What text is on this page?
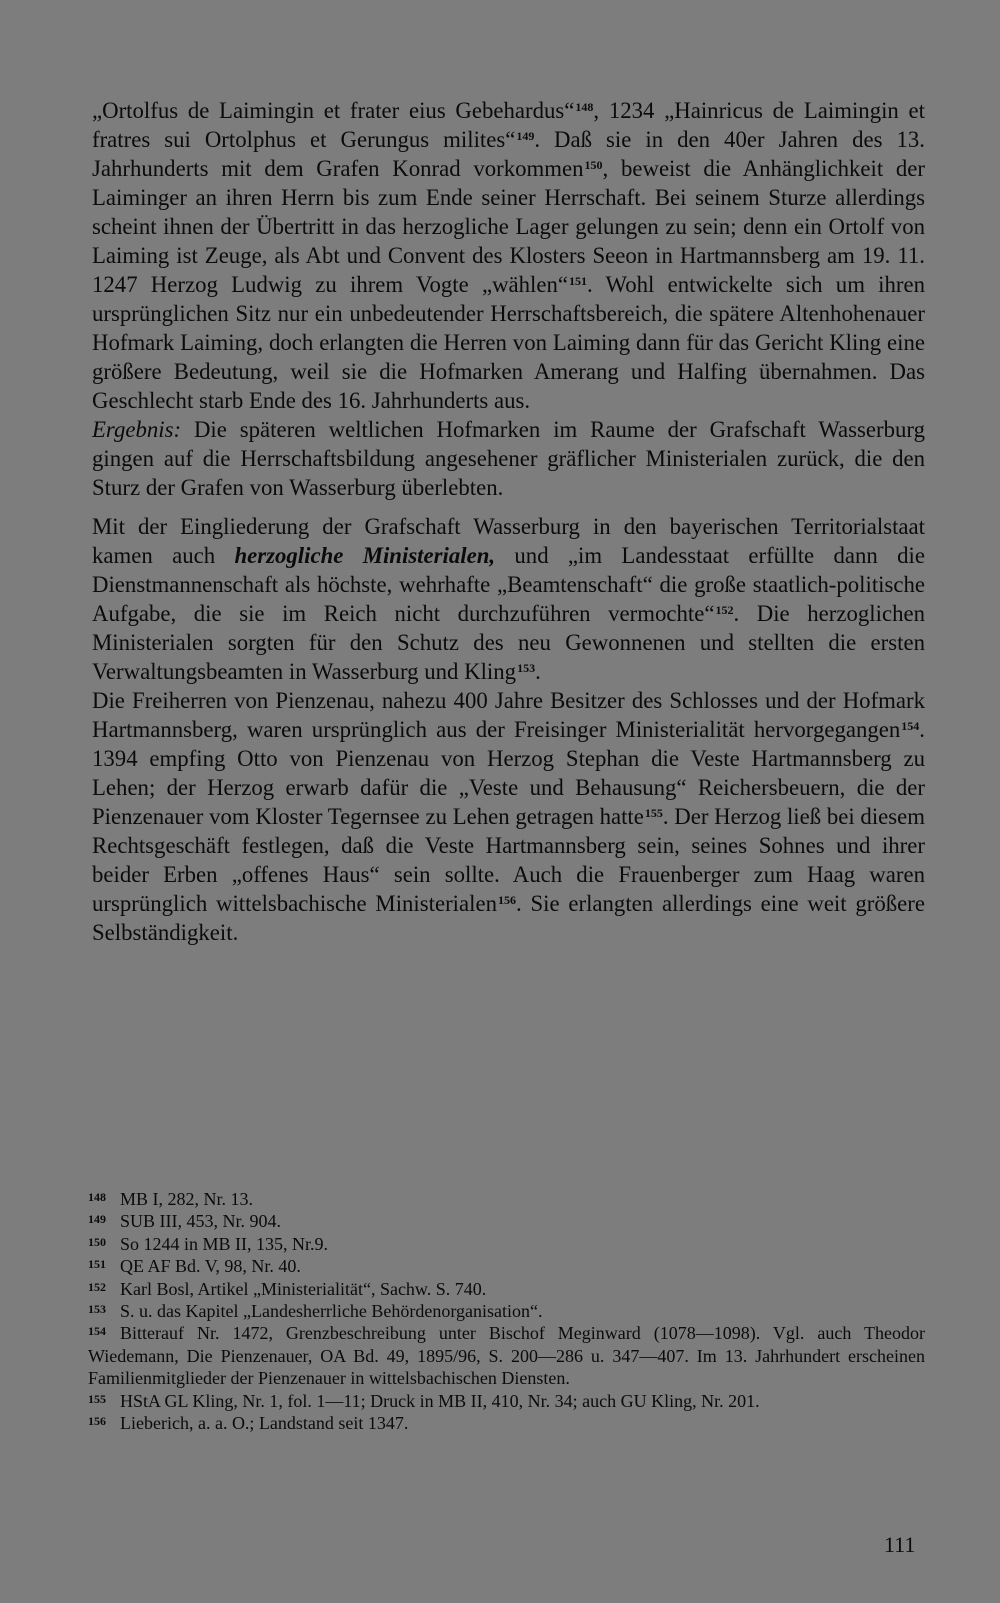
„Ortolfus de Laimingin et frater eius Gebehardus“$^{148}$, 1234 „Hainricus de Laimingin et fratres sui Ortolphus et Gerungus milites“$^{149}$. Daß sie in den 40er Jahren des 13. Jahrhunderts mit dem Grafen Konrad vorkommen$^{150}$, beweist die Anhänglichkeit der Laiminger an ihren Herrn bis zum Ende seiner Herrschaft. Bei seinem Sturze allerdings scheint ihnen der Übertritt in das herzogliche Lager gelungen zu sein; denn ein Ortolf von Laiming ist Zeuge, als Abt und Convent des Klosters Seeon in Hartmannsberg am 19. 11. 1247 Herzog Ludwig zu ihrem Vogte „wählen“$^{151}$. Wohl entwickelte sich um ihren ursprünglichen Sitz nur ein unbedeutender Herrschaftsbereich, die spätere Altenhohenauer Hofmark Laiming, doch erlangten die Herren von Laiming dann für das Gericht Kling eine größere Bedeutung, weil sie die Hofmarken Amerang und Halfing übernahmen. Das Geschlecht starb Ende des 16. Jahrhunderts aus.

Ergebnis: Die späteren weltlichen Hofmarken im Raume der Grafschaft Wasserburg gingen auf die Herrschaftsbildung angesehener gräflicher Ministerialen zurück, die den Sturz der Grafen von Wasserburg überlebten.

Mit der Eingliederung der Grafschaft Wasserburg in den bayerischen Territorialstaat kamen auch herzogliche Ministerialen, und „im Landesstaat erfüllte dann die Dienstmannenschaft als höchste, wehrhafte „Beamtenschaft“ die große staatlich-politische Aufgabe, die sie im Reich nicht durchzuführen vermochte“$^{152}$. Die herzoglichen Ministerialen sorgten für den Schutz des neu Gewonnenen und stellten die ersten Verwaltungsbeamten in Wasserburg und Kling$^{153}$.

Die Freiherren von Pienzenau, nahezu 400 Jahre Besitzer des Schlosses und der Hofmark Hartmannsberg, waren ursprünglich aus der Freisinger Ministerialität hervorgegangen$^{154}$. 1394 empfing Otto von Pienzenau von Herzog Stephan die Veste Hartmannsberg zu Lehen; der Herzog erwarb dafür die „Veste und Behausung“ Reichersbeuern, die der Pienzenauer vom Kloster Tegernsee zu Lehen getragen hatte$^{155}$. Der Herzog ließ bei diesem Rechtsgeschäft festlegen, daß die Veste Hartmannsberg sein, seines Sohnes und ihrer beider Erben „offenes Haus“ sein sollte. Auch die Frauenberger zum Haag waren ursprünglich wittelsbachische Ministerialen$^{156}$. Sie erlangten allerdings eine weit größere Selbständigkeit.

148 MB I, 282, Nr. 13.
149 SUB III, 453, Nr. 904.
150 So 1244 in MB II, 135, Nr.9.
151 QE AF Bd. V, 98, Nr. 40.
152 Karl Bosl, Artikel „Ministerialität“, Sachw. S. 740.
153 S. u. das Kapitel „Landesherrliche Behördenorganisation“.
154 Bitterauf Nr. 1472, Grenzbeschreibung unter Bischof Meginward (1078—1098). Vgl. auch Theodor Wiedemann, Die Pienzenauer, OA Bd. 49, 1895/96, S. 200—286 u. 347—407. Im 13. Jahrhundert erscheinen Familienmitglieder der Pienzenauer in wittelsbachischen Diensten.
155 HStA GL Kling, Nr. 1, fol. 1—11; Druck in MB II, 410, Nr. 34; auch GU Kling, Nr. 201.
156 Lieberich, a. a. O.; Landstand seit 1347.
111
